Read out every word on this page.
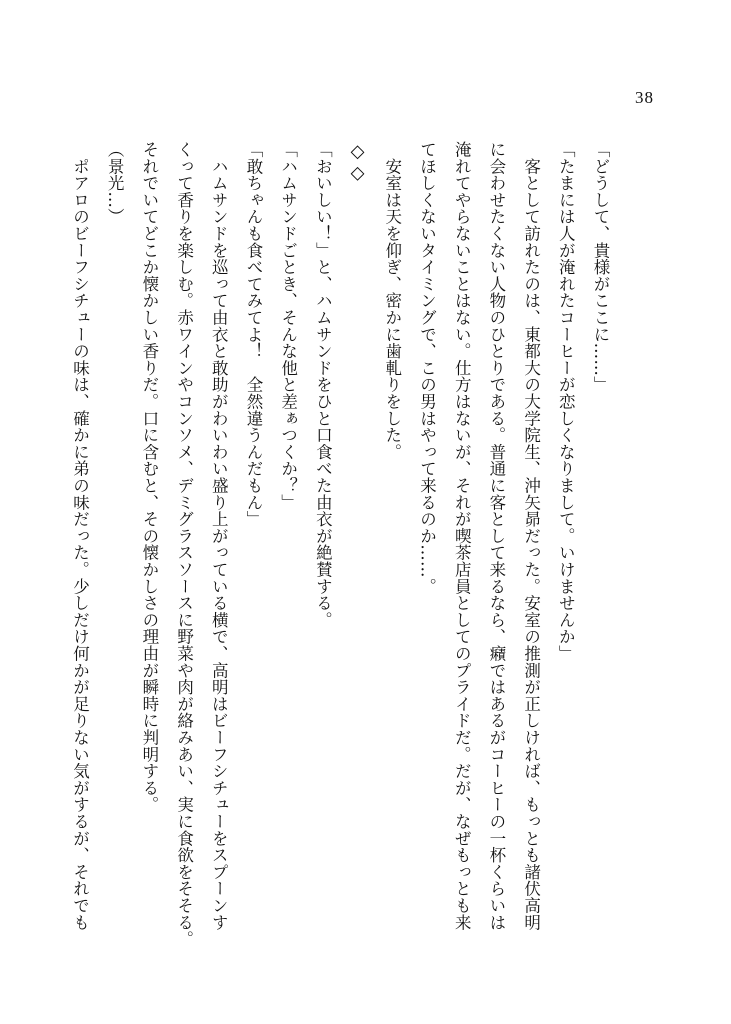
38
「どうして、貴様がここに……」
「たまには人が淹れたコーヒーが恋しくなりまして。いけませんか」
　客として訪れたのは、東都大の大学院生、沖矢昴だった。安室の推測が正しければ、もっとも諸伏高明
に会わせたくない人物のひとりである。普通に客として来るなら、癪ではあるがコーヒーの一杯くらいは
淹れてやらないことはない。仕方はないが、それが喫茶店員としてのプライドだ。だが、なぜもっとも来
てほしくないタイミングで、この男はやって来るのか……。
　安室は天を仰ぎ、密かに歯軋りをした。
◇◇
「おいしい！」と、ハムサンドをひと口食べた由衣が絶賛する。
「ハムサンドごとき、そんな他と差ぁつくか？」
「敢ちゃんも食べてみてよ！　全然違うんだもん」
　ハムサンドを巡って由衣と敢助がわいわい盛り上がっている横で、高明はビーフシチューをスプーンす
くって香りを楽しむ。赤ワインやコンソメ、デミグラスソースに野菜や肉が絡みあい、実に食欲をそそる。
それでいてどこか懐かしい香りだ。口に含むと、その懐かしさの理由が瞬時に判明する。
（景光…）
　ポアロのビーフシチューの味は、確かに弟の味だった。少しだけ何かが足りない気がするが、それでも
